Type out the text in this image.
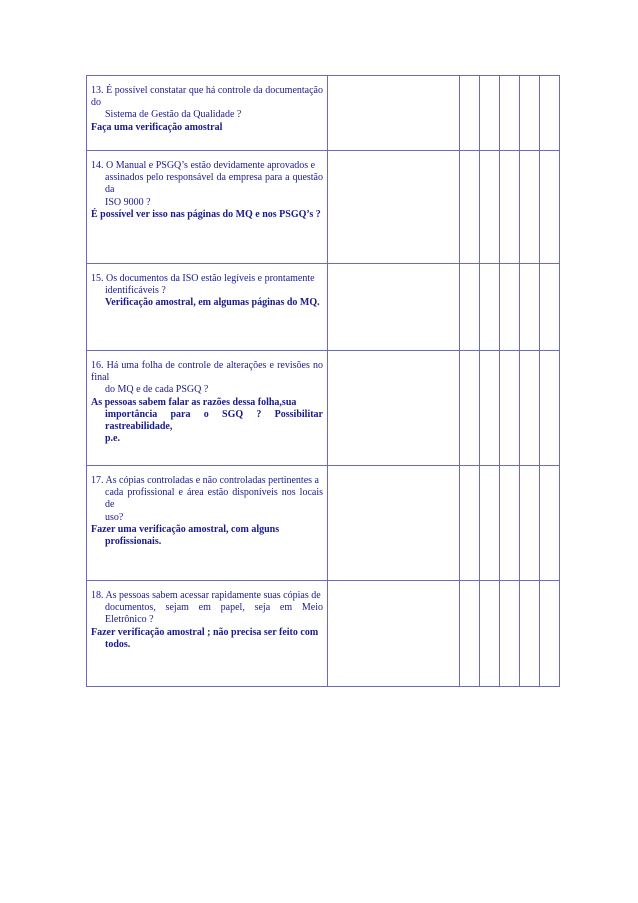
13. É possível constatar que há controle da documentação do
Sistema de Gestão da Qualidade ?
Faça uma verificação amostral						

14. O Manual e PSGQ’s estão devidamente aprovados e
assinados pelo responsável da empresa para a questão da
ISO 9000 ?
É possível ver isso nas páginas do MQ e nos PSGQ’s ?						

15. Os documentos da ISO estão legíveis e prontamente
identificáveis ?
Verificação amostral, em algumas páginas do MQ.						

16. Há uma folha de controle de alterações e revisões no final
do MQ e de cada PSGQ ?
As pessoas sabem falar as razões dessa folha,sua
importância para o SGQ ? Possibilitar rastreabilidade,
p.e.						

17. As cópias controladas e não controladas pertinentes a
cada profissional e área estão disponíveis nos locais de
uso?
Fazer uma verificação amostral, com alguns
profissionais.						

18. As pessoas sabem acessar rapidamente suas cópias de
documentos, sejam em papel, seja em Meio Eletrônico ?
Fazer verificação amostral ; não precisa ser feito com
todos.						
